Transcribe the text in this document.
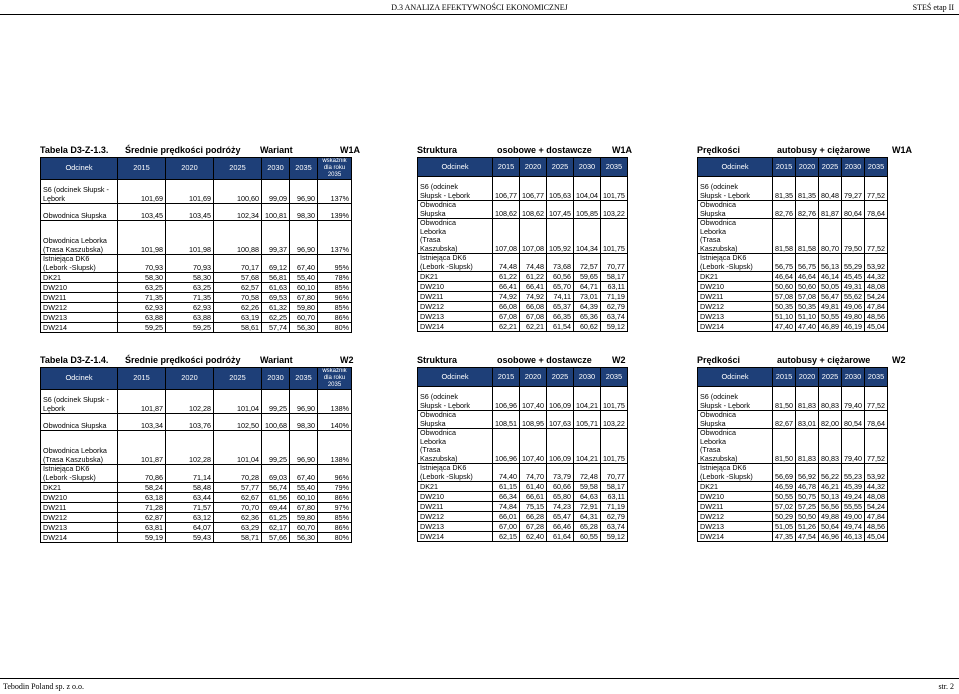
D.3 ANALIZA EFEKTYWNOŚCI EKONOMICZNEJ	STEŚ etap II
Tabela D3-Z-1.3. Średnie prędkości podróży Wariant	W1A
Odcinek	2015	2020	2025	2030	2035	wskaźnik dla roku 2035
S6 (odcinek Słupsk -
Lębork	101,69	101,69	100,60	99,09	96,90	137%
Obwodnica Słupska	103,45	103,45	102,34	100,81	98,30	139%
Obwodnica Leborka
(Trasa Kaszubska)	101,98	101,98	100,88	99,37	96,90	137%
Istniejąca DK6
(Lebork -Slupsk)	70,93	70,93	70,17	69,12	67,40	95%
DK21	58,30	58,30	57,68	56,81	55,40	78%
DW210	63,25	63,25	62,57	61,63	60,10	85%
DW211	71,35	71,35	70,58	69,53	67,80	96%
DW212	62,93	62,93	62,26	61,32	59,80	85%
DW213	63,88	63,88	63,19	62,25	60,70	86%
DW214	59,25	59,25	58,61	57,74	56,30	80%
Struktura	osobowe + dostawcze W1A
Odcinek	2015	2020	2025	2030	2035
S6 (odcinek
Słupsk - Lębork	106,77	106,77	105,63	104,04	101,75
Obwodnica
Słupska	108,62	108,62	107,45	105,85	103,22
Obwodnica
Leborka
(Trasa
Kaszubska)	107,08	107,08	105,92	104,34	101,75
Istniejąca DK6
(Lebork -Slupsk)	74,48	74,48	73,68	72,57	70,77
DK21	61,22	61,22	60,56	59,65	58,17
DW210	66,41	66,41	65,70	64,71	63,11
DW211	74,92	74,92	74,11	73,01	71,19
DW212	66,08	66,08	65,37	64,39	62,79
DW213	67,08	67,08	66,35	65,36	63,74
DW214	62,21	62,21	61,54	60,62	59,12
Prędkości	autobusy + ciężarowe W1A
Odcinek	2015	2020	2025	2030	2035
S6 (odcinek
Słupsk - Lębork	81,35	81,35	80,48	79,27	77,52
Obwodnica
Słupska	82,76	82,76	81,87	80,64	78,64
Obwodnica
Leborka
(Trasa
Kaszubska)	81,58	81,58	80,70	79,50	77,52
Istniejąca DK6
(Lebork -Slupsk)	56,75	56,75	56,13	55,29	53,92
DK21	46,64	46,64	46,14	45,45	44,32
DW210	50,60	50,60	50,05	49,31	48,08
DW211	57,08	57,08	56,47	55,62	54,24
DW212	50,35	50,35	49,81	49,06	47,84
DW213	51,10	51,10	50,55	49,80	48,56
DW214	47,40	47,40	46,89	46,19	45,04
Tabela D3-Z-1.4. Średnie prędkości podróży Wariant	W2
Odcinek	2015	2020	2025	2030	2035	wskaźnik dla roku 2035
S6 (odcinek Słupsk -
Lębork	101,87	102,28	101,04	99,25	96,90	138%
Obwodnica Słupska	103,34	103,76	102,50	100,68	98,30	140%
Obwodnica Leborka
(Trasa Kaszubska)	101,87	102,28	101,04	99,25	96,90	138%
Istniejąca DK6
(Lebork -Slupsk)	70,86	71,14	70,28	69,03	67,40	96%
DK21	58,24	58,48	57,77	56,74	55,40	79%
DW210	63,18	63,44	62,67	61,56	60,10	86%
DW211	71,28	71,57	70,70	69,44	67,80	97%
DW212	62,87	63,12	62,36	61,25	59,80	85%
DW213	63,81	64,07	63,29	62,17	60,70	86%
DW214	59,19	59,43	58,71	57,66	56,30	80%
Struktura	osobowe + dostawcze W2
Odcinek	2015	2020	2025	2030	2035
S6 (odcinek
Słupsk - Lębork	106,96	107,40	106,09	104,21	101,75
Obwodnica
Słupska	108,51	108,95	107,63	105,71	103,22
Obwodnica
Leborka
(Trasa
Kaszubska)	106,96	107,40	106,09	104,21	101,75
Istniejąca DK6
(Lebork -Slupsk)	74,40	74,70	73,79	72,48	70,77
DK21	61,15	61,40	60,66	59,58	58,17
DW210	66,34	66,61	65,80	64,63	63,11
DW211	74,84	75,15	74,23	72,91	71,19
DW212	66,01	66,28	65,47	64,31	62,79
DW213	67,00	67,28	66,46	65,28	63,74
DW214	62,15	62,40	61,64	60,55	59,12
Prędkości	autobusy + ciężarowe W2
Odcinek	2015	2020	2025	2030	2035
S6 (odcinek
Słupsk - Lębork	81,50	81,83	80,83	79,40	77,52
Obwodnica
Słupska	82,67	83,01	82,00	80,54	78,64
Obwodnica
Leborka
(Trasa
Kaszubska)	81,50	81,83	80,83	79,40	77,52
Istniejąca DK6
(Lebork -Slupsk)	56,69	56,92	56,22	55,23	53,92
DK21	46,59	46,78	46,21	45,39	44,32
DW210	50,55	50,75	50,13	49,24	48,08
DW211	57,02	57,25	56,56	55,55	54,24
DW212	50,29	50,50	49,88	49,00	47,84
DW213	51,05	51,26	50,64	49,74	48,56
DW214	47,35	47,54	46,96	46,13	45,04
Tebodin Poland sp. z o.o.	str. 2
